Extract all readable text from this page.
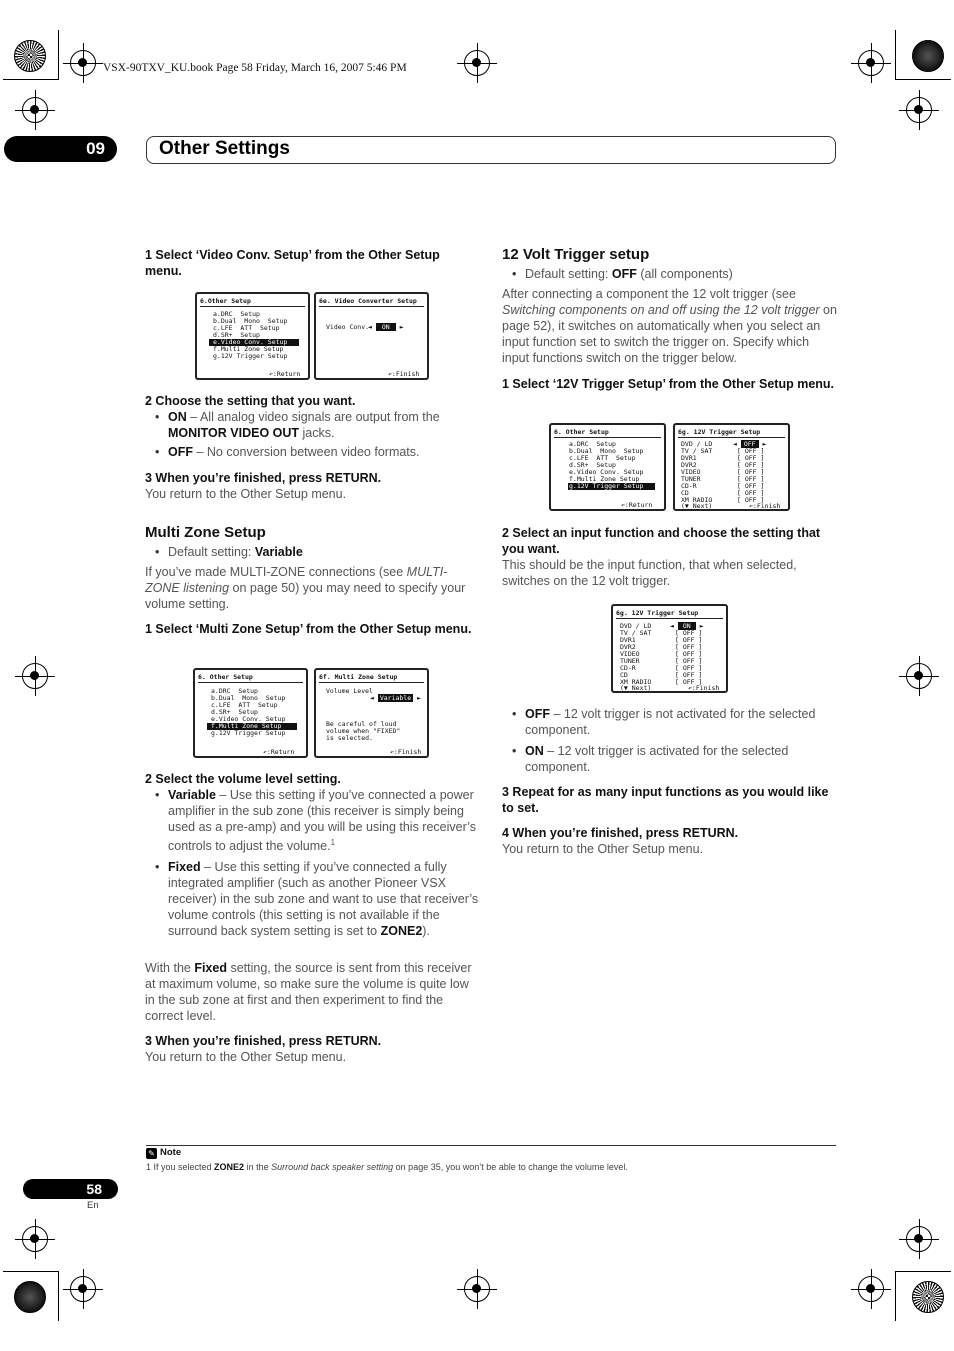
VSX-90TXV_KU.book Page 58 Friday, March 16, 2007 5:46 PM
09	Other Settings
1 Select ‘Video Conv. Setup’ from the Other Setup menu.
6.Other Setup
a.DRC  Setup
b.Dual  Mono  Setup
c.LFE  ATT  Setup
d.SR+  Setup
e.Video Conv. Setup
f.Multi Zone Setup
g.12V Trigger Setup
↶:Return
6e. Video Converter Setup
Video Conv.
◄ ON ►
↶:Finish
2 Choose the setting that you want.
• ON – All analog video signals are output from the MONITOR VIDEO OUT jacks.
• OFF – No conversion between video formats.
3 When you’re finished, press RETURN.
You return to the Other Setup menu.
Multi Zone Setup
• Default setting: Variable
If you’ve made MULTI-ZONE connections (see MULTI-ZONE listening on page 50) you may need to specify your volume setting.
1 Select ‘Multi Zone Setup’ from the Other Setup menu.
6. Other Setup
a.DRC  Setup
b.Dual  Mono  Setup
c.LFE  ATT  Setup
d.SR+  Setup
e.Video Conv. Setup
f.Multi Zone Setup
g.12V Trigger Setup
↶:Return
6f. Multi Zone Setup
Volume Level
◄ Variable ►
Be careful of loud
volume when "FIXED"
is selected.
↶:Finish
2 Select the volume level setting.
• Variable – Use this setting if you’ve connected a power amplifier in the sub zone (this receiver is simply being used as a pre-amp) and you will be using this receiver’s controls to adjust the volume.$^1$
• Fixed – Use this setting if you’ve connected a fully integrated amplifier (such as another Pioneer VSX receiver) in the sub zone and want to use that receiver’s volume controls (this setting is not available if the surround back system setting is set to ZONE2).
With the Fixed setting, the source is sent from this receiver at maximum volume, so make sure the volume is quite low in the sub zone at first and then experiment to find the correct level.
3 When you’re finished, press RETURN.
You return to the Other Setup menu.
12 Volt Trigger setup
• Default setting: OFF (all components)
After connecting a component the 12 volt trigger (see Switching components on and off using the 12 volt trigger on page 52), it switches on automatically when you select an input function set to switch the trigger on. Specify which input functions switch on the trigger below.
1 Select ‘12V Trigger Setup’ from the Other Setup menu.
6. Other Setup
a.DRC  Setup
b.Dual  Mono  Setup
c.LFE  ATT  Setup
d.SR+  Setup
e.Video Conv. Setup
f.Multi Zone Setup
g.12V Trigger Setup
↶:Return
6g. 12V Trigger Setup
DVD / LD	◄ OFF ►
TV / SAT	[ OFF ]
DVR1	[ OFF ]
DVR2	[ OFF ]
VIDEO	[ OFF ]
TUNER	[ OFF ]
CD-R	[ OFF ]
CD	[ OFF ]
XM RADIO	[ OFF ]
(▼ Next)	↶:Finish
2 Select an input function and choose the setting that you want.
This should be the input function, that when selected, switches on the 12 volt trigger.
6g. 12V Trigger Setup
DVD / LD	◄ ON ►
TV / SAT	[ OFF ]
DVR1	[ OFF ]
DVR2	[ OFF ]
VIDEO	[ OFF ]
TUNER	[ OFF ]
CD-R	[ OFF ]
CD	[ OFF ]
XM RADIO	[ OFF ]
(▼ Next)	↶:Finish
• OFF – 12 volt trigger is not activated for the selected component.
• ON – 12 volt trigger is activated for the selected component.
3 Repeat for as many input functions as you would like to set.
4 When you’re finished, press RETURN.
You return to the Other Setup menu.
✎ Note
1 If you selected ZONE2 in the Surround back speaker setting on page 35, you won’t be able to change the volume level.
58
En
